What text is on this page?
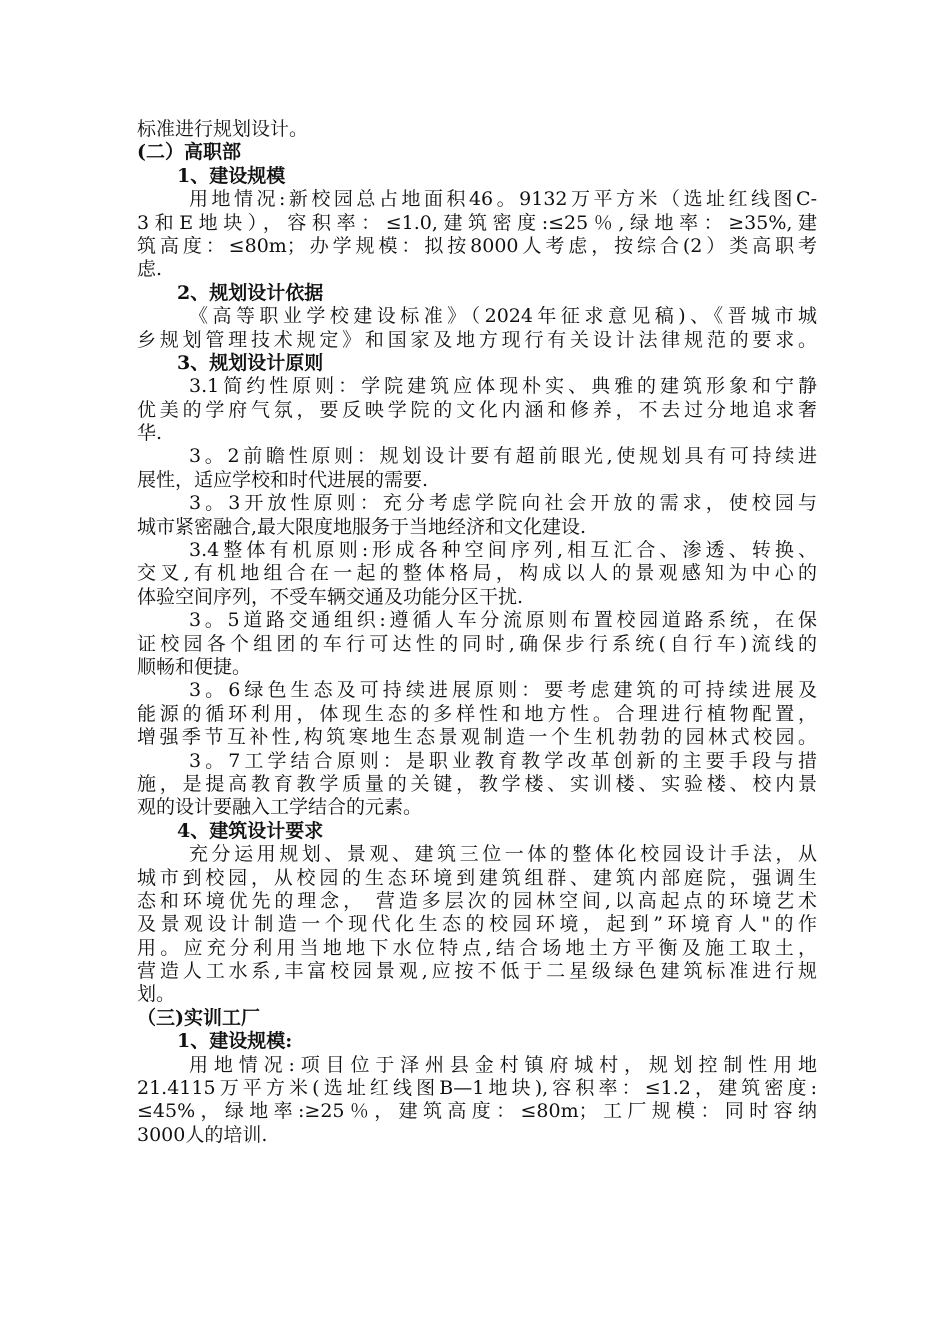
标准进行规划设计。
(二）高职部
1、建设规模
用地情况:新校园总占地面积46。9132万平方米（选址红线图C-
3和E地块），容积率：≤1.0,建筑密度:≤25％,绿地率：≥35%,建
筑高度：≤80m；办学规模：拟按8000人考虑，按综合(2）类高职考
虑.
2、规划设计依据
《高等职业学校建设标准》（2024年征求意见稿)、《晋城市城
乡规划管理技术规定》和国家及地方现行有关设计法律规范的要求。
3、规划设计原则
3.1简约性原则：学院建筑应体现朴实、典雅的建筑形象和宁静
优美的学府气氛，要反映学院的文化内涵和修养，不去过分地追求奢
华.
3。2前瞻性原则：规划设计要有超前眼光,使规划具有可持续进
展性，适应学校和时代进展的需要.
3。3开放性原则：充分考虑学院向社会开放的需求，使校园与
城市紧密融合,最大限度地服务于当地经济和文化建设.
3.4整体有机原则:形成各种空间序列,相互汇合、渗透、转换、
交叉,有机地组合在一起的整体格局，构成以人的景观感知为中心的
体验空间序列，不受车辆交通及功能分区干扰.
3。5道路交通组织:遵循人车分流原则布置校园道路系统，在保
证校园各个组团的车行可达性的同时,确保步行系统(自行车)流线的
顺畅和便捷。
3。6绿色生态及可持续进展原则：要考虑建筑的可持续进展及
能源的循环利用，体现生态的多样性和地方性。合理进行植物配置，
增强季节互补性,构筑寒地生态景观制造一个生机勃勃的园林式校园。
3。7工学结合原则：是职业教育教学改革创新的主要手段与措
施，是提高教育教学质量的关键，教学楼、实训楼、实验楼、校内景
观的设计要融入工学结合的元素。
4、建筑设计要求
充分运用规划、景观、建筑三位一体的整体化校园设计手法，从
城市到校园，从校园的生态环境到建筑组群、建筑内部庭院，强调生
态和环境优先的理念， 营造多层次的园林空间,以高起点的环境艺术
及景观设计制造一个现代化生态的校园环境，起到”环境育人"的作
用。应充分利用当地地下水位特点,结合场地土方平衡及施工取土，
营造人工水系,丰富校园景观,应按不低于二星级绿色建筑标准进行规
划。
（三)实训工厂
1、建设规模:
用地情况:项目位于泽州县金村镇府城村，规划控制性用地
21.4115万平方米(选址红线图B—1地块),容积率：≤1.2，建筑密度:
≤45%，绿地率:≥25％，建筑高度：≤80m；工厂规模：同时容纳
3000人的培训.
